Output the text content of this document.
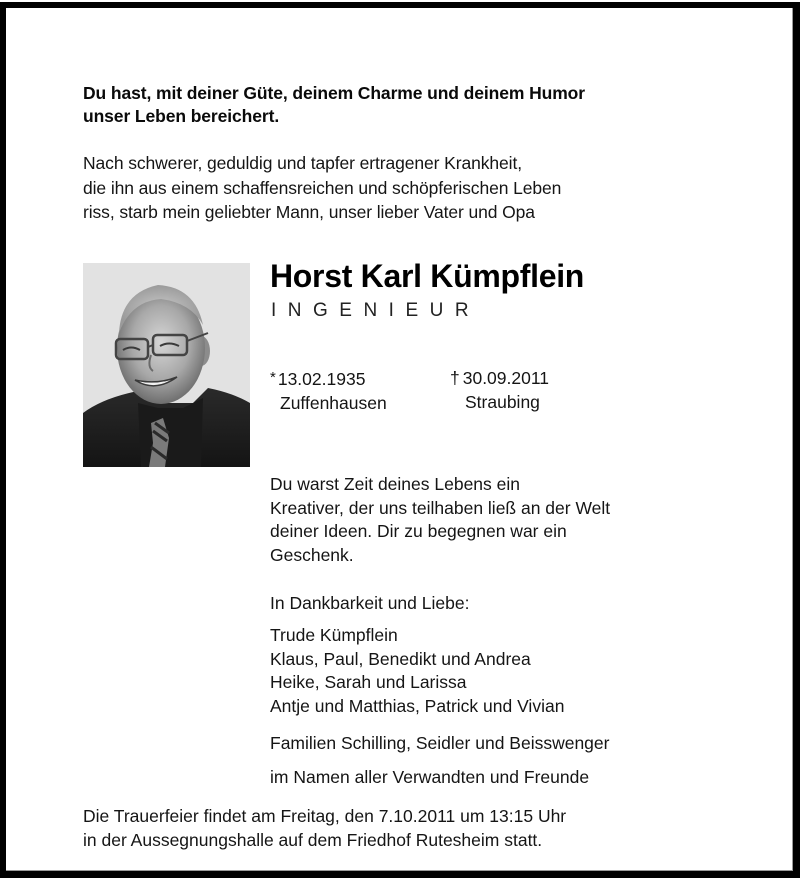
Du hast, mit deiner Güte, deinem Charme und deinem Humor
unser Leben bereichert.
Nach schwerer, geduldig und tapfer ertragener Krankheit,
die ihn aus einem schaffensreichen und schöpferischen Leben
riss, starb mein geliebter Mann, unser lieber Vater und Opa
Horst Karl Kümpflein
INGENIEUR
* 13.02.1935
Zuffenhausen
† 30.09.2011
Straubing
Du warst Zeit deines Lebens ein
Kreativer, der uns teilhaben ließ an der Welt
deiner Ideen. Dir zu begegnen war ein
Geschenk.
In Dankbarkeit und Liebe:
Trude Kümpflein
Klaus, Paul, Benedikt und Andrea
Heike, Sarah und Larissa
Antje und Matthias, Patrick und Vivian
Familien Schilling, Seidler und Beisswenger
im Namen aller Verwandten und Freunde
Die Trauerfeier findet am Freitag, den 7.10.2011 um 13:15 Uhr
in der Aussegnungshalle auf dem Friedhof Rutesheim statt.
